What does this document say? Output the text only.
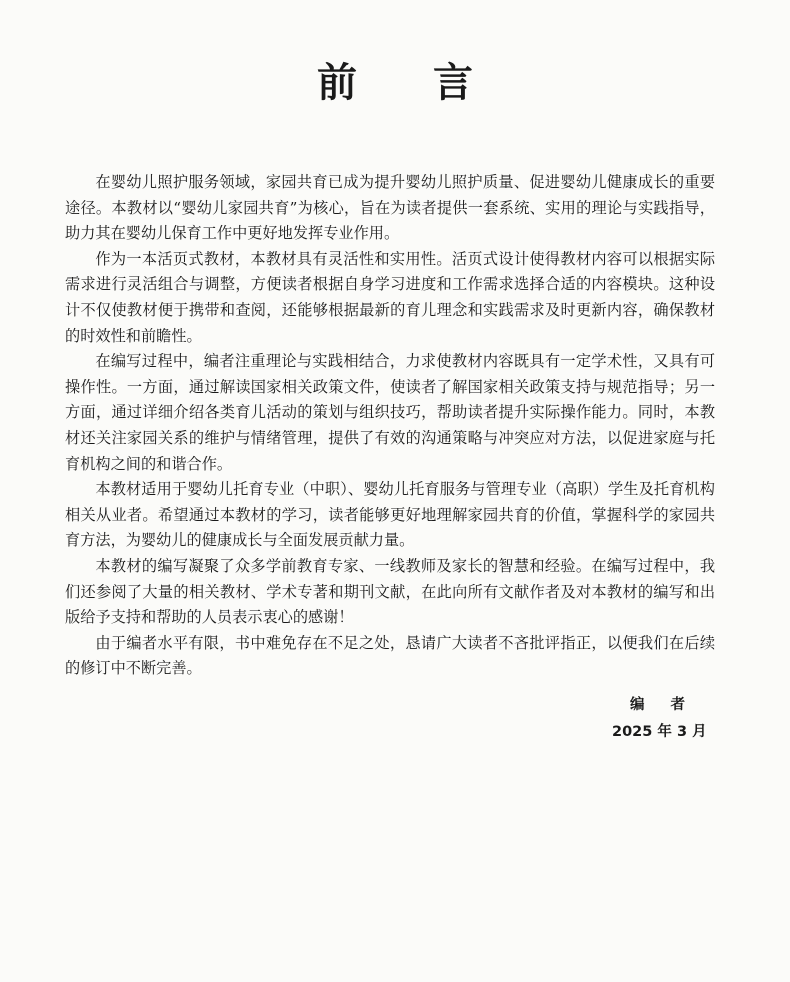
前 言

在婴幼儿照护服务领域，家园共育已成为提升婴幼儿照护质量、促进婴幼儿健康成长的重要途径。本教材以“婴幼儿家园共育”为核心，旨在为读者提供一套系统、实用的理论与实践指导，助力其在婴幼儿保育工作中更好地发挥专业作用。

作为一本活页式教材，本教材具有灵活性和实用性。活页式设计使得教材内容可以根据实际需求进行灵活组合与调整，方便读者根据自身学习进度和工作需求选择合适的内容模块。这种设计不仅使教材便于携带和查阅，还能够根据最新的育儿理念和实践需求及时更新内容，确保教材的时效性和前瞻性。

在编写过程中，编者注重理论与实践相结合，力求使教材内容既具有一定学术性，又具有可操作性。一方面，通过解读国家相关政策文件，使读者了解国家相关政策支持与规范指导；另一方面，通过详细介绍各类育儿活动的策划与组织技巧，帮助读者提升实际操作能力。同时，本教材还关注家园关系的维护与情绪管理，提供了有效的沟通策略与冲突应对方法，以促进家庭与托育机构之间的和谐合作。

本教材适用于婴幼儿托育专业（中职）、婴幼儿托育服务与管理专业（高职）学生及托育机构相关从业者。希望通过本教材的学习，读者能够更好地理解家园共育的价值，掌握科学的家园共育方法，为婴幼儿的健康成长与全面发展贡献力量。

本教材的编写凝聚了众多学前教育专家、一线教师及家长的智慧和经验。在编写过程中，我们还参阅了大量的相关教材、学术专著和期刊文献，在此向所有文献作者及对本教材的编写和出版给予支持和帮助的人员表示衷心的感谢！

由于编者水平有限，书中难免存在不足之处，恳请广大读者不吝批评指正，以便我们在后续的修订中不断完善。

编者
2025 年 3 月
